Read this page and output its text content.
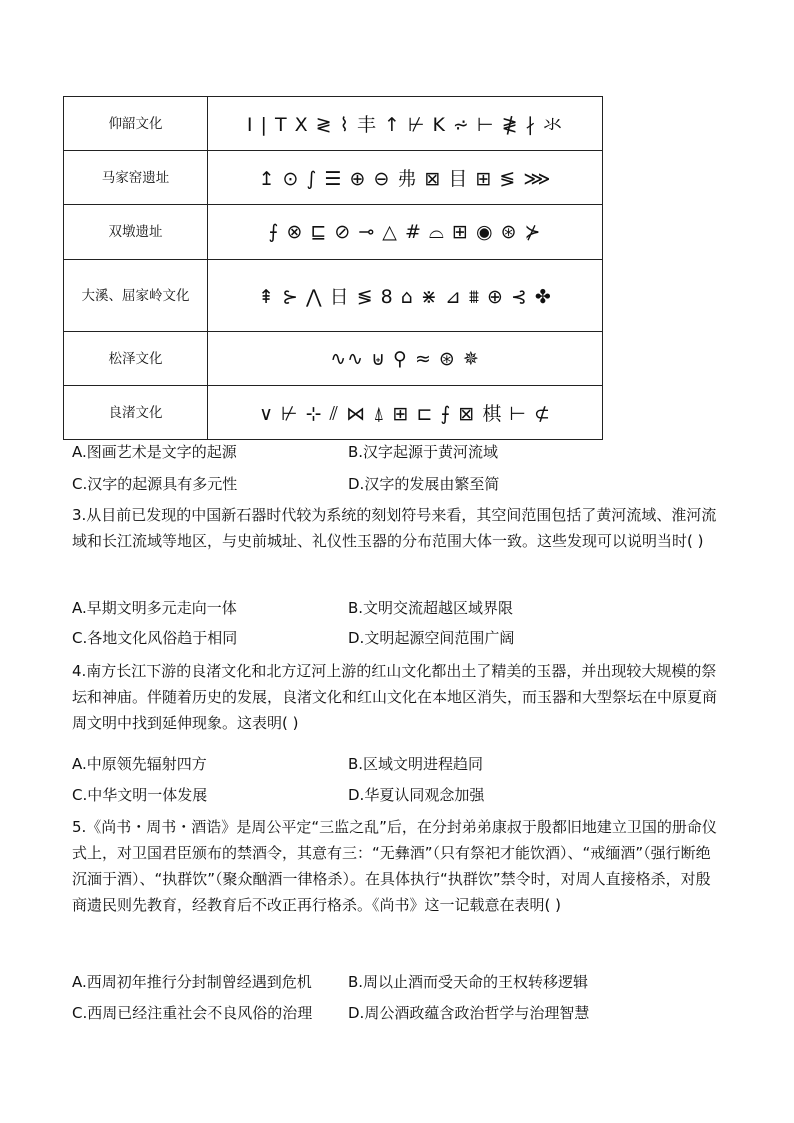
仰韶文化	I | T X ≷ ⌇ 丰 ↑ ⊬ K ⩫ ⊢ ≹ ∤ 氺
马家窑遗址	↥ ⊙ ∫ ☰ ⊕ ⊖ 弗 ⊠ 目 ⊞ ≶ ⋙
双墩遗址	⨍ ⊗ ⊑ ⊘ ⊸ △ # ⌓ ⊞ ◉ ⊛ ⊁
大溪、屈家岭文化	⇞ ⊱ ⋀ 日 ≶ 8 ⌂ ⋇ ⊿ ⩩ ⊕ ⊰ ✤
松泽文化	∿∿ ⊎ ⚲ ≈ ⊛ ✵
良渚文化	∨ ⊬ ⊹ ⫽ ⋈ ⍋ ⊞ ⊏ ⨍ ⊠ 棋 ⊢ ⊄
A.图画艺术是文字的起源	B.汉字起源于黄河流域
C.汉字的起源具有多元性	D.汉字的发展由繁至简
3.从目前已发现的中国新石器时代较为系统的刻划符号来看，其空间范围包括了黄河流域、淮河流域和长江流域等地区，与史前城址、礼仪性玉器的分布范围大体一致。这些发现可以说明当时( )
A.早期文明多元走向一体	B.文明交流超越区域界限
C.各地文化风俗趋于相同	D.文明起源空间范围广阔
4.南方长江下游的良渚文化和北方辽河上游的红山文化都出土了精美的玉器，并出现较大规模的祭坛和神庙。伴随着历史的发展，良渚文化和红山文化在本地区消失，而玉器和大型祭坛在中原夏商周文明中找到延伸现象。这表明( )
A.中原领先辐射四方	B.区域文明进程趋同
C.中华文明一体发展	D.华夏认同观念加强
5.《尚书・周书・酒诰》是周公平定“三监之乱”后，在分封弟弟康叔于殷都旧地建立卫国的册命仪式上，对卫国君臣颁布的禁酒令，其意有三：“无彝酒”（只有祭祀才能饮酒）、“戒缅酒”（强行断绝沉湎于酒）、“执群饮”（聚众酗酒一律格杀）。在具体执行“执群饮”禁令时，对周人直接格杀，对殷商遗民则先教育，经教育后不改正再行格杀。《尚书》这一记载意在表明( )
A.西周初年推行分封制曾经遇到危机 B.周以止酒而受天命的王权转移逻辑
C.西周已经注重社会不良风俗的治理 D.周公酒政蕴含政治哲学与治理智慧
